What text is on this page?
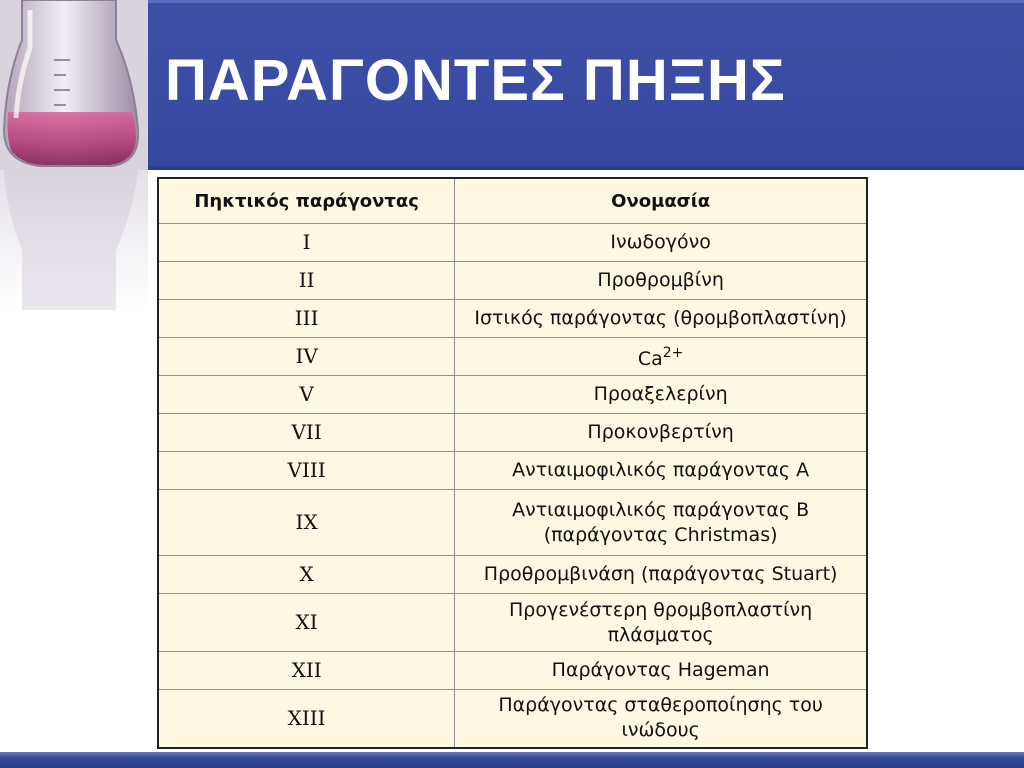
ΠΑΡΑΓΟΝΤΕΣ ΠΗΞΗΣ
Πηκτικός παράγοντας	Ονομασία
I	Ινωδογόνο

II	Προθρομβίνη

III	Ιστικός παράγοντας (θρομβοπλαστίνη)

IV	$Ca^{2+}$
V	Προαξελερίνη

VII	Προκονβερτίνη

VIII	Αντιαιμοφιλικός παράγοντας Α

IX	Αντιαιμοφιλικός παράγοντας Β
(παράγοντας Christmas)

X	Προθρομβινάση (παράγοντας Stuart)

XI	Προγενέστερη θρομβοπλαστίνη
πλάσματος

XII	Παράγοντας Hageman

XIII	Παράγοντας σταθεροποίησης του
ινώδους
